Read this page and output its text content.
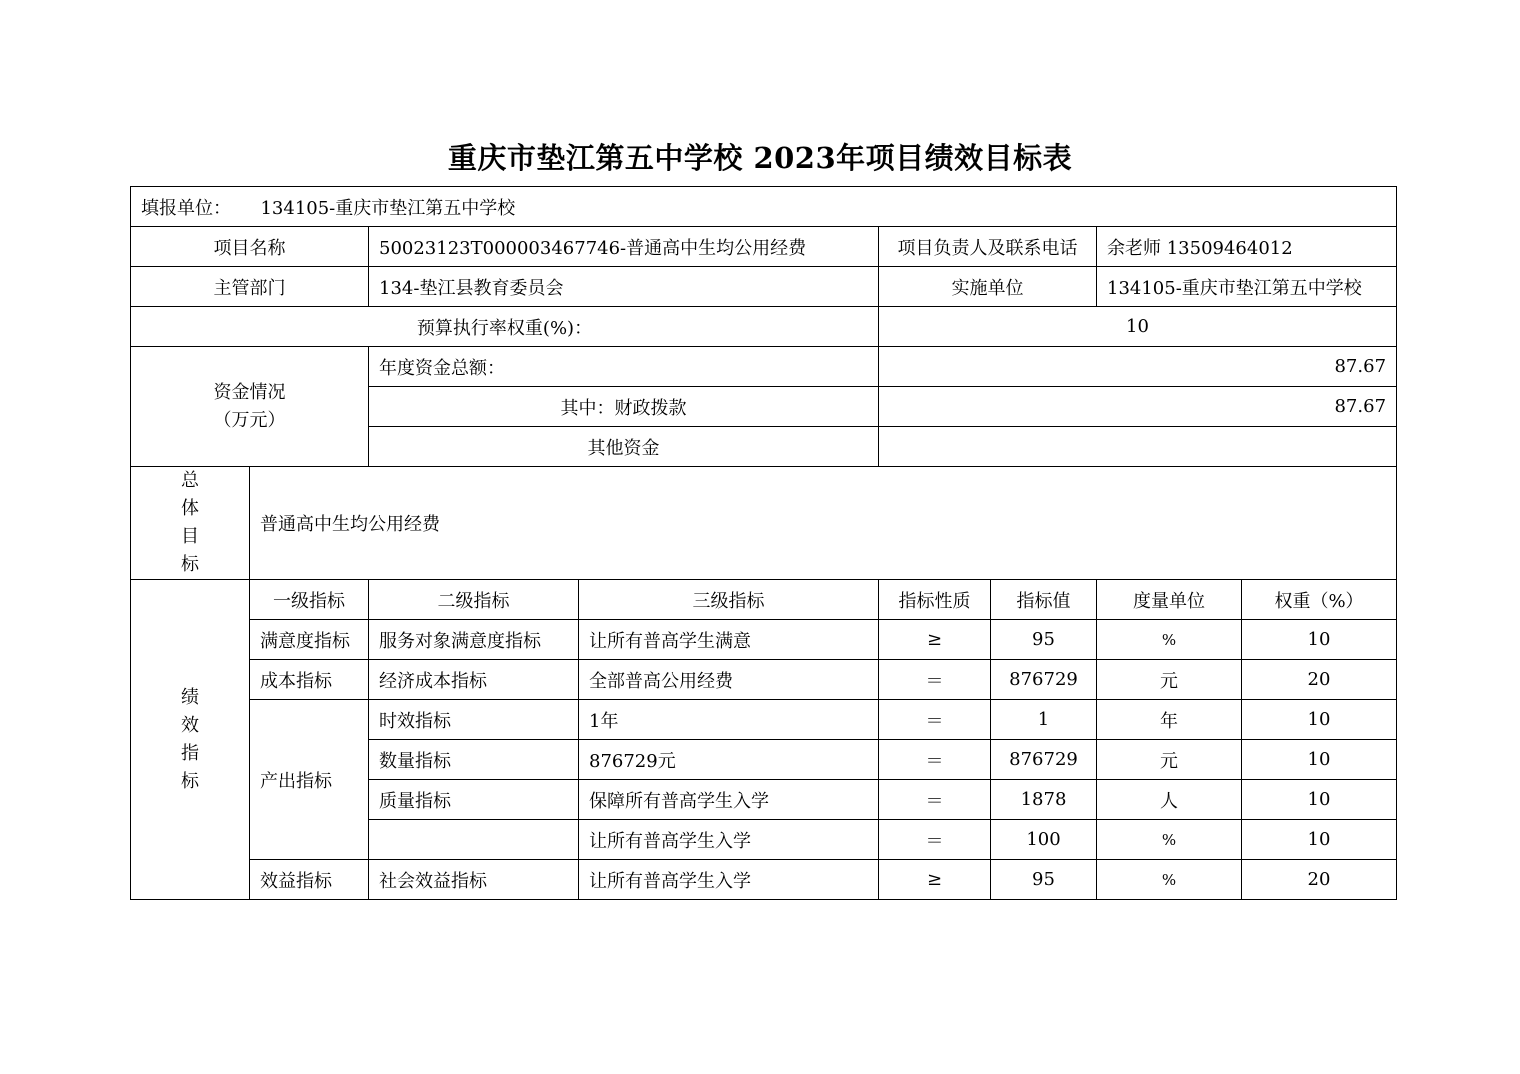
重庆市垫江第五中学校 2023年项目绩效目标表
填报单位： 134105-重庆市垫江第五中学校							
项目名称		50023123T000003467746-普通高中生均公用经费		项目负责人及联系电话		余老师 13509464012	
主管部门		134-垫江县教育委员会		实施单位		134105-重庆市垫江第五中学校	
预算执行率权重(%)：				10			

资金情况
（万元）		年度资金总额：		87.67			
		其中：财政拨款		87.67			
		其他资金					

总
体
目
标	普通高中生均公用经费						

绩
效
指
标	一级指标	二级指标	三级指标	指标性质	指标值	度量单位	权重（%）
	满意度指标	服务对象满意度指标	让所有普高学生满意	≥	95	%	10
	成本指标	经济成本指标	全部普高公用经费	＝	876729	元	20
	产出指标	时效指标	1年	＝	1	年	10
		数量指标	876729元	＝	876729	元	10
		质量指标	保障所有普高学生入学	＝	1878	人	10
			让所有普高学生入学	＝	100	%	10
	效益指标	社会效益指标	让所有普高学生入学	≥	95	%	20
